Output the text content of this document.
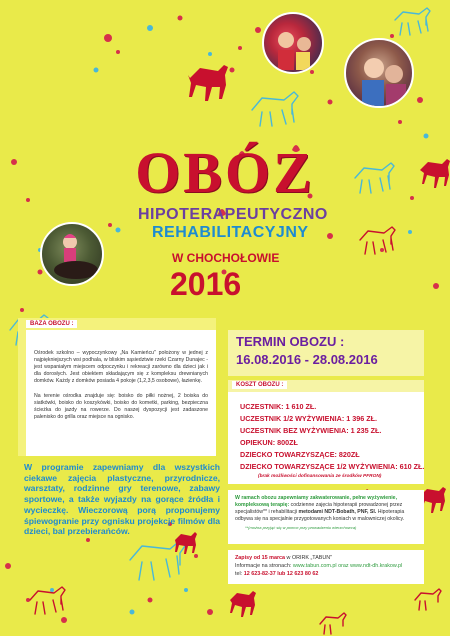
OBÓZ
HIPOTERAPEUTYCZNO
REHABILITACYJNY
W CHOCHOŁOWIE
2016
BAZA OBOZU :
Ośrodek szkolno – wypoczynkowy „Na Kamieńcu" położony w jednej z najpiękniejszych wsi podhala, w bliskim sąsiedztwie rzeki Czarny Dunajec - jest wspaniałym miejscem odpoczynku i rekreacji zarówno dla dzieci jak i dla dorosłych. Jest obiektem składającym się z kompleksu drewnianych domków. Każdy z domków posiada 4 pokoje (1,2,3,5 osobowe), łazienkę.
Na terenie ośrodka znajduje się: boisko do piłki nożnej, 2 boiska do siatkówki, boisko do koszykówki, boisko do kometki, parking, bezpieczna ścieżka do jazdy na rowerze. Do naszej dyspozycji jest zadaszone palenisko do grilla oraz miejsce na ognisko.
W programie zapewniamy dla wszystkich ciekawe zajęcia plastyczne, przyrodnicze, warsztaty, rodzinne gry terenowe, zabawy sportowe, a także wyjazdy na gorące źródła i wycieczkę. Wieczorową porą proponujemy śpiewogranie przy ognisku projekcje filmów dla dzieci, bal przebierańców.
TERMIN OBOZU :
16.08.2016 - 28.08.2016
KOSZT OBOZU :
UCZESTNIK: 1 610 ZŁ.
UCZESTNIK 1/2 WYŻYWIENIA: 1 396 ZŁ.
UCZESTNIK BEZ WYŻYWIENIA: 1 235 ZŁ.
OPIEKUN: 800ZŁ
DZIECKO TOWARZYSZĄCE: 820ZŁ
DZIECKO TOWARZYSZĄCE 1/2 WYŻYWIENIA: 610 ZŁ.
(brak możliwości dofinansowania ze środków PFRON)
W ramach obozu zapewniamy zakwaterowanie, pełne wyżywienie, kompleksową terapię: codzienne zajęcia hipoterapii prowadzonej przez specjalistów** i rehabilitacji metodami NDT-Bobath, PNF, SI. Hipoterapia odbywa się na specjalnie przygotowanych koniach w malowniczej okolicy.
**(można przyjąć się w pomoc przy prowadzeniu wierzchowca)
Zapisy od 15 marca w ORIRK „TABUN"
Informacje na stronach: www.tabun.com.pl oraz www.ndt-dh.krakow.pl
tel: 12 623-82-37 lub 12 623 80 62
